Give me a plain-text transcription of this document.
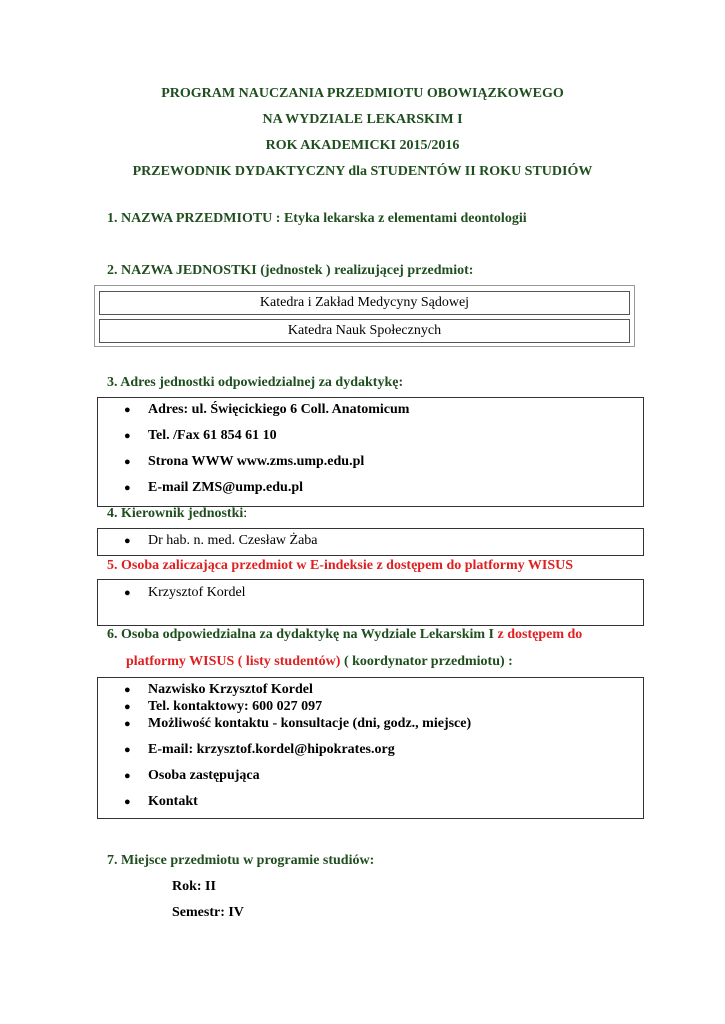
PROGRAM NAUCZANIA PRZEDMIOTU OBOWIĄZKOWEGO

NA WYDZIALE LEKARSKIM I

ROK AKADEMICKI 2015/2016

PRZEWODNIK DYDAKTYCZNY dla STUDENTÓW II ROKU STUDIÓW

1. NAZWA PRZEDMIOTU : Etyka lekarska z elementami deontologii

2. NAZWA JEDNOSTKI (jednostek ) realizującej przedmiot:

Katedra i Zakład Medycyny Sądowej
Katedra Nauk Społecznych

3. Adres jednostki odpowiedzialnej za dydaktykę:

● Adres: ul. Święcickiego 6 Coll. Anatomicum
● Tel. /Fax 61 854 61 10
● Strona WWW www.zms.ump.edu.pl
● E-mail ZMS@ump.edu.pl

4. Kierownik jednostki:

● Dr hab. n. med. Czesław Żaba

5. Osoba zaliczająca przedmiot w E-indeksie z dostępem do platformy WISUS

● Krzysztof Kordel

6. Osoba odpowiedzialna za dydaktykę na Wydziale Lekarskim I z dostępem do

platformy WISUS ( listy studentów) ( koordynator przedmiotu) :

● Nazwisko Krzysztof Kordel
● Tel. kontaktowy: 600 027 097
● Możliwość kontaktu - konsultacje (dni, godz., miejsce)
● E-mail: krzysztof.kordel@hipokrates.org
● Osoba zastępująca
● Kontakt

7. Miejsce przedmiotu w programie studiów:

Rok: II

Semestr: IV
